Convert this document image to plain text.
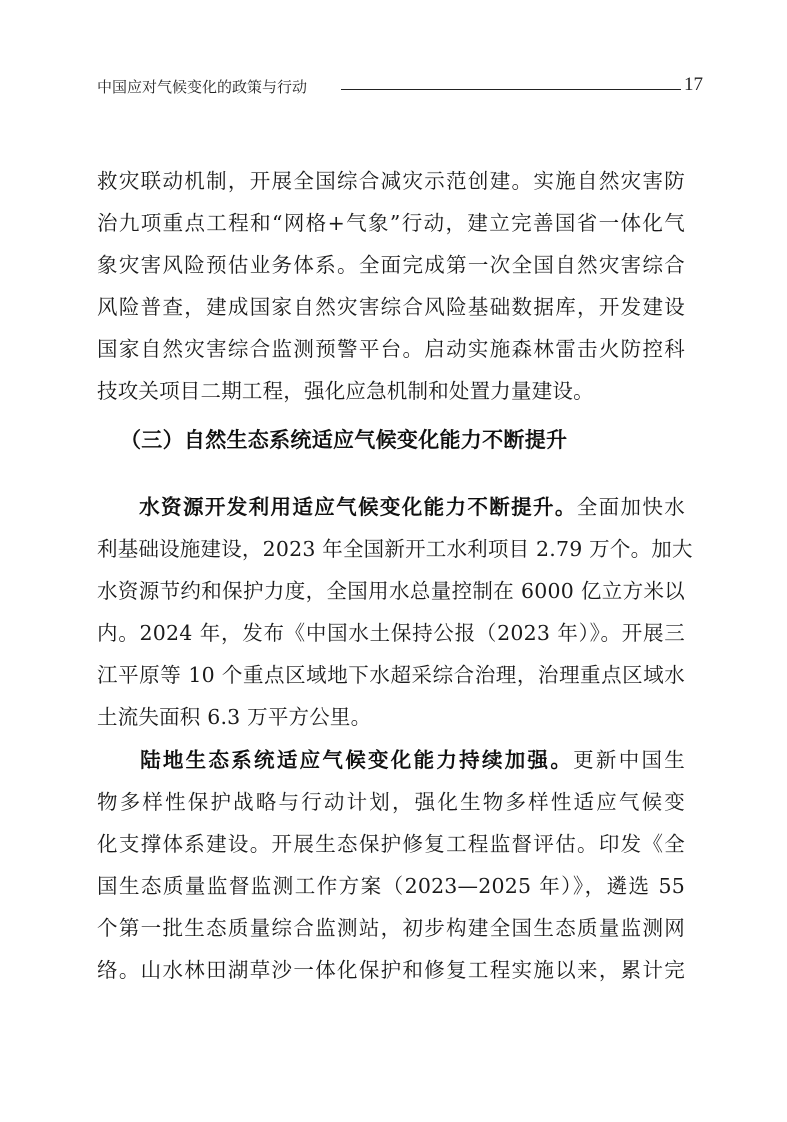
中国应对气候变化的政策与行动	17
救灾联动机制，开展全国综合减灾示范创建。实施自然灾害防
治九项重点工程和“网格+气象”行动，建立完善国省一体化气
象灾害风险预估业务体系。全面完成第一次全国自然灾害综合
风险普查，建成国家自然灾害综合风险基础数据库，开发建设
国家自然灾害综合监测预警平台。启动实施森林雷击火防控科
技攻关项目二期工程，强化应急机制和处置力量建设。
（三）自然生态系统适应气候变化能力不断提升
水资源开发利用适应气候变化能力不断提升。全面加快水
利基础设施建设，2023 年全国新开工水利项目 2.79 万个。加大
水资源节约和保护力度，全国用水总量控制在 6000 亿立方米以
内。2024 年，发布《中国水土保持公报（2023 年）》。开展三
江平原等 10 个重点区域地下水超采综合治理，治理重点区域水
土流失面积 6.3 万平方公里。
陆地生态系统适应气候变化能力持续加强。更新中国生
物多样性保护战略与行动计划，强化生物多样性适应气候变
化支撑体系建设。开展生态保护修复工程监督评估。印发《全
国生态质量监督监测工作方案（2023—2025 年）》，遴选 55
个第一批生态质量综合监测站，初步构建全国生态质量监测网
络。山水林田湖草沙一体化保护和修复工程实施以来，累计完
